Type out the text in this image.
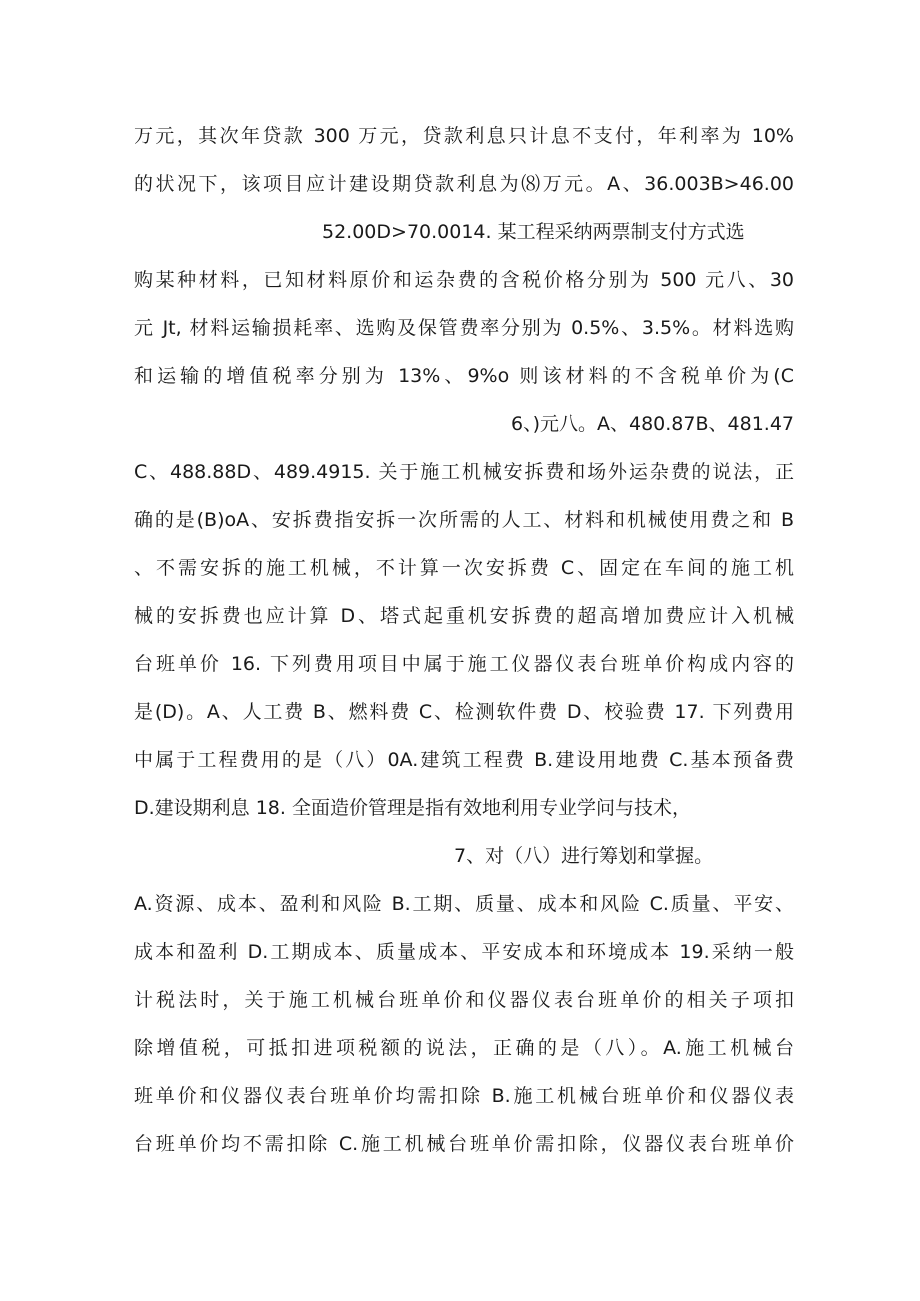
万元，其次年贷款 300 万元，贷款利息只计息不支付，年利率为 10%
的状况下，该项目应计建设期贷款利息为⑻万元。A、36.003B>46.00
52.00D>70.0014. 某工程采纳两票制支付方式选
购某种材料，已知材料原价和运杂费的含税价格分别为 500 元八、30
元 Jt, 材料运输损耗率、选购及保管费率分别为 0.5%、3.5%。材料选购
和运输的增值税率分别为 13%、9%o 则该材料的不含税单价为(C
6、)元八。A、480.87B、481.47
C、488.88D、489.4915. 关于施工机械安拆费和场外运杂费的说法，正
确的是(B)oA、安拆费指安拆一次所需的人工、材料和机械使用费之和 B
、不需安拆的施工机械，不计算一次安拆费 C、固定在车间的施工机
械的安拆费也应计算 D、塔式起重机安拆费的超高增加费应计入机械
台班单价 16. 下列费用项目中属于施工仪器仪表台班单价构成内容的
是(D)。A、人工费 B、燃料费 C、检测软件费 D、校验费 17. 下列费用
中属于工程费用的是（八）0A.建筑工程费 B.建设用地费 C.基本预备费
D.建设期利息 18. 全面造价管理是指有效地利用专业学问与技术，
7、对（八）进行筹划和掌握。
A.资源、成本、盈利和风险 B.工期、质量、成本和风险 C.质量、平安、
成本和盈利 D.工期成本、质量成本、平安成本和环境成本 19.采纳一般
计税法时，关于施工机械台班单价和仪器仪表台班单价的相关子项扣
除增值税，可抵扣进项税额的说法，正确的是（八）。A.施工机械台
班单价和仪器仪表台班单价均需扣除 B.施工机械台班单价和仪器仪表
台班单价均不需扣除 C.施工机械台班单价需扣除，仪器仪表台班单价
